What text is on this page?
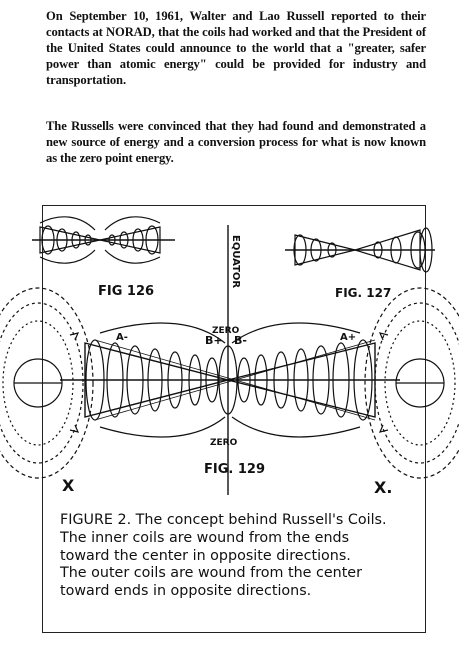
On September 10, 1961, Walter and Lao Russell reported to their contacts at NORAD, that the coils had worked and that the President of the United States could announce to the world that a "greater, safer power than atomic energy" could be provided for industry and transportation.
The Russells were convinced that they had found and demonstrated a new source of energy and a conversion process for what is now known as the zero point energy.
FIG 126	FIG. 127
FIG. 129
EQUATOR
ZERO
ZERO
B+ B-
A-	A+
X	X.
FIGURE 2. The concept behind Russell's Coils.
The inner coils are wound from the ends
toward the center in opposite directions.
The outer coils are wound from the center
toward ends in opposite directions.
